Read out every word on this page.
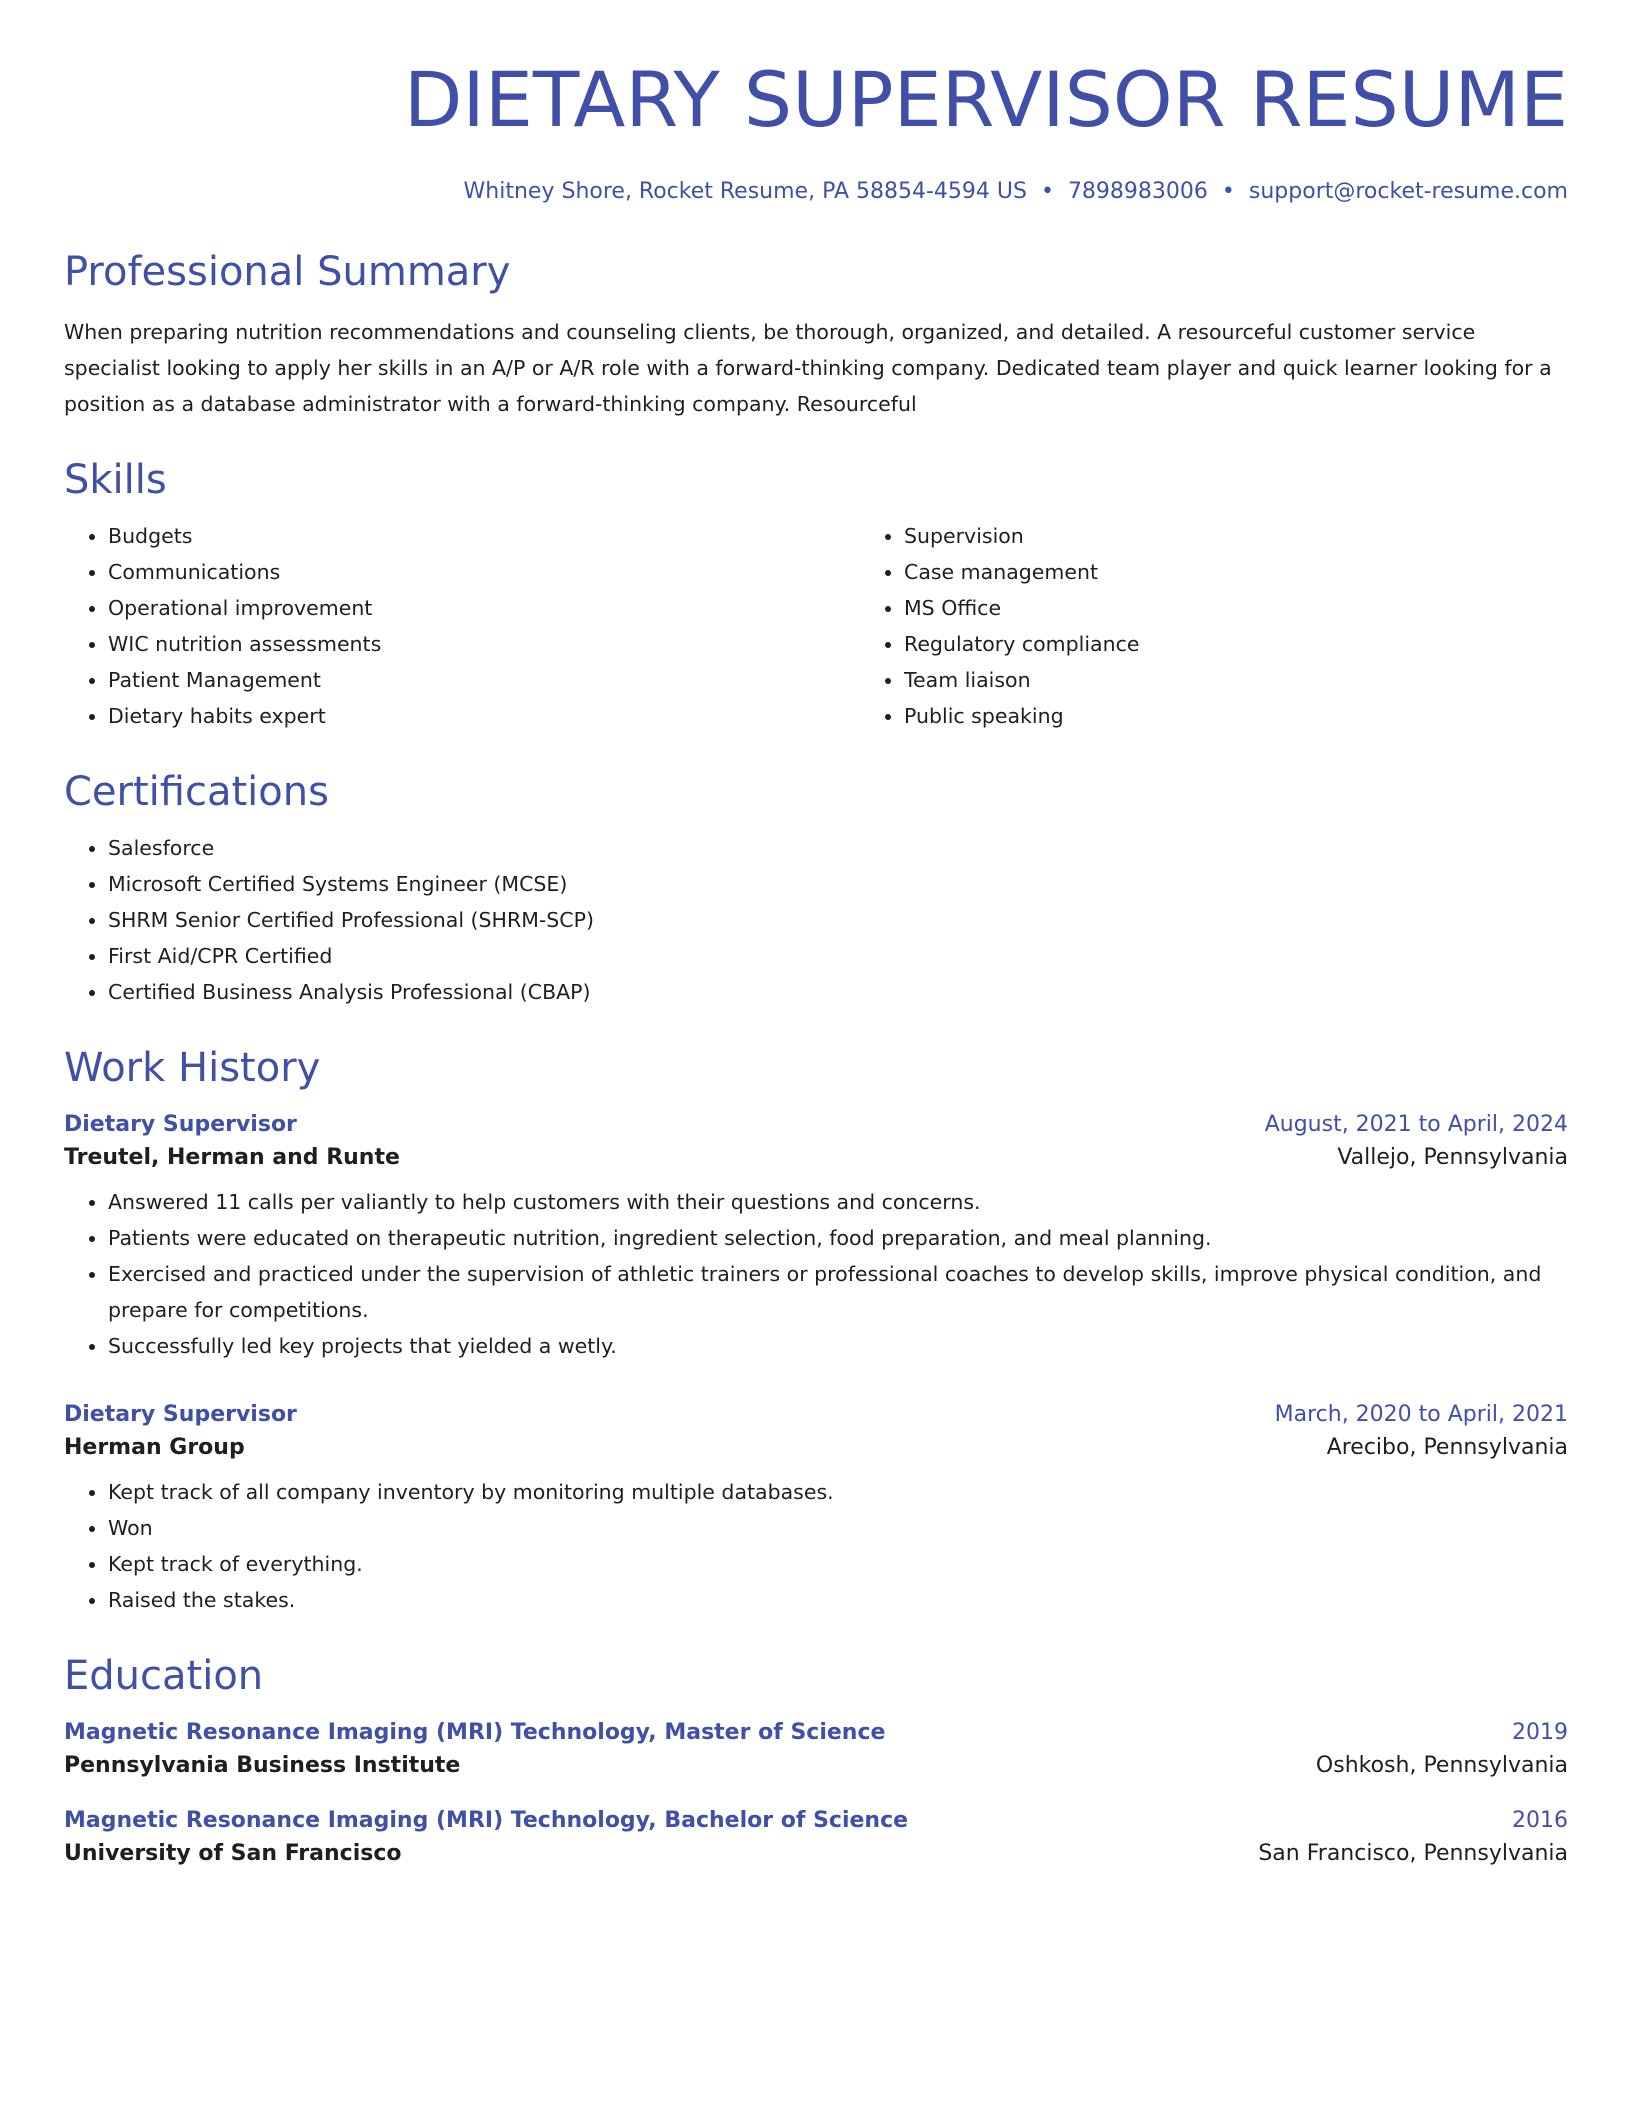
DIETARY SUPERVISOR RESUME
Whitney Shore, Rocket Resume, PA 58854-4594 US • 7898983006 • support@rocket-resume.com
Professional Summary

When preparing nutrition recommendations and counseling clients, be thorough, organized, and detailed. A resourceful customer service specialist looking to apply her skills in an A/P or A/R role with a forward-thinking company. Dedicated team player and quick learner looking for a position as a database administrator with a forward-thinking company. Resourceful

Skills
• Budgets
• Communications
• Operational improvement
• WIC nutrition assessments
• Patient Management
• Dietary habits expert
• Supervision
• Case management
• MS Office
• Regulatory compliance
• Team liaison
• Public speaking
Certifications
• Salesforce
• Microsoft Certified Systems Engineer (MCSE)
• SHRM Senior Certified Professional (SHRM-SCP)
• First Aid/CPR Certified
• Certified Business Analysis Professional (CBAP)
Work History
Dietary Supervisor	August, 2021 to April, 2024
Treutel, Herman and Runte	Vallejo, Pennsylvania
• Answered 11 calls per valiantly to help customers with their questions and concerns.
• Patients were educated on therapeutic nutrition, ingredient selection, food preparation, and meal planning.
• Exercised and practiced under the supervision of athletic trainers or professional coaches to develop skills, improve physical condition, and prepare for competitions.
• Successfully led key projects that yielded a wetly.
Dietary Supervisor	March, 2020 to April, 2021
Herman Group	Arecibo, Pennsylvania
• Kept track of all company inventory by monitoring multiple databases.
• Won
• Kept track of everything.
• Raised the stakes.
Education
Magnetic Resonance Imaging (MRI) Technology, Master of Science	2019
Pennsylvania Business Institute	Oshkosh, Pennsylvania
Magnetic Resonance Imaging (MRI) Technology, Bachelor of Science	2016
University of San Francisco	San Francisco, Pennsylvania
